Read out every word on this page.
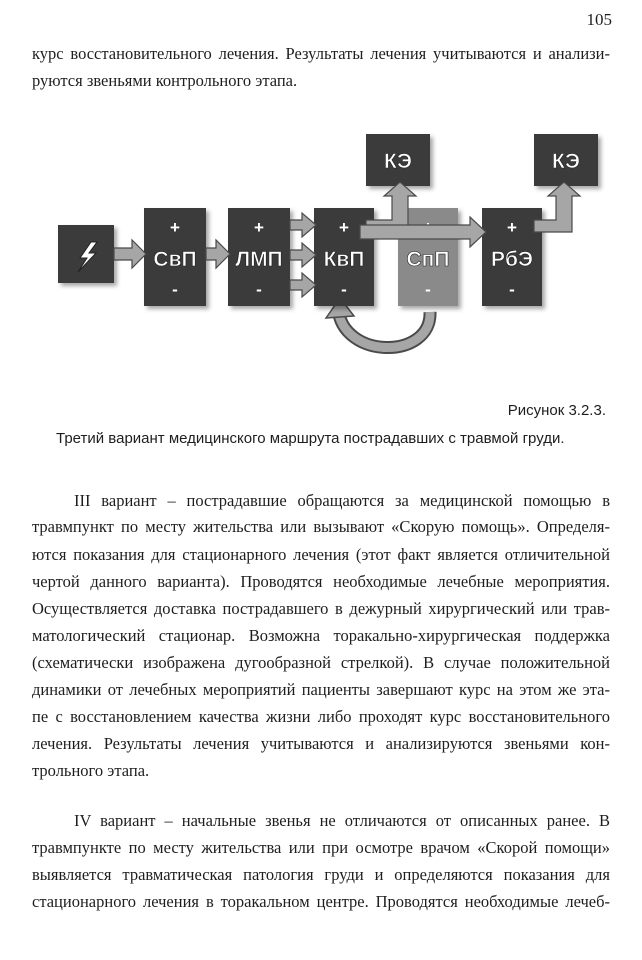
105
курс восстановительного лечения. Результаты лечения учитываются и анализи-
руются звеньями контрольного этапа.
+
СвП
-
+
ЛМП
-
СпП
-
+
КвП
-
+
РбЭ
-
КЭ	КЭ
Рисунок 3.2.3.
Третий вариант медицинского маршрута пострадавших с травмой груди.
III вариант – пострадавшие обращаются за медицинской помощью в
травмпункт по месту жительства или вызывают «Скорую помощь». Определя-
ются показания для стационарного лечения (этот факт является отличительной
чертой данного варианта). Проводятся необходимые лечебные мероприятия.
Осуществляется доставка пострадавшего в дежурный хирургический или трав-
матологический стационар. Возможна торакально-хирургическая поддержка
(схематически изображена дугообразной стрелкой). В случае положительной
динамики от лечебных мероприятий пациенты завершают курс на этом же эта-
пе с восстановлением качества жизни либо проходят курс восстановительного
лечения. Результаты лечения учитываются и анализируются звеньями кон-
трольного этапа.
IV вариант – начальные звенья не отличаются от описанных ранее. В
травмпункте по месту жительства или при осмотре врачом «Скорой помощи»
выявляется травматическая патология груди и определяются показания для
стационарного лечения в торакальном центре. Проводятся необходимые лечеб-
